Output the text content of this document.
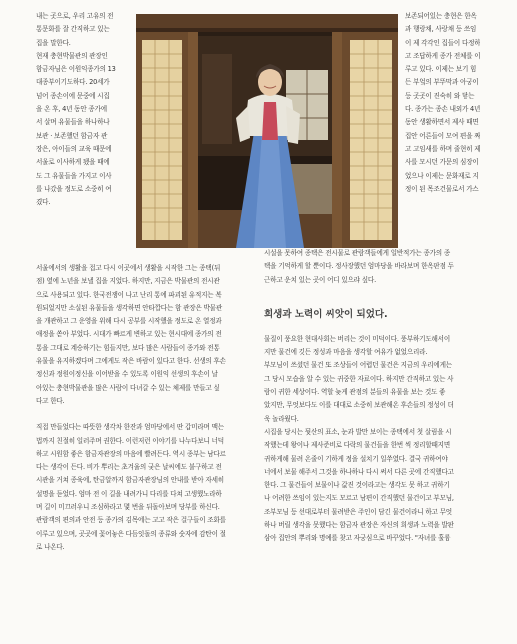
내는 곳으로, 우리 고유의 전
통문화를 잘 간직하고 있는
집을 말한다.
현재 충현박물관의 관장인
함금자님은 이원익종가의 13
대종부이기도하다. 20세가
넘어 종손이에 문중에 시집
을 온 후, 4년 동안 종가에
서 살며 유물들을 하나하나
보관 · 보존했던 함금자 관
장은, 아이들의 교육 때문에
서울로 이사하게 됐을 때에
도 그 유물들을 가지고 이사
를 나갔을 정도로 소중히 여
겼다.
보존되어있는 충현은 한옥
과 행랑채, 사랑채 등 쓰임
이 제 각각인 집들이 다정하
고 조답하게 종가 전체를 이
루고 있다. 이제는 보기 힘
든 부엌의 부뚜막과 아궁이
등 곳곳이 진숙히 와 닿는
다. 종가는 종손 내외가 4년
동안 생활하면서 제사 때면
집안 어른들이 모여 편을 짜
고 고임새를 하며 줄현히 제
사를 모시던 가문의 심장이
었으나 이제는 문화재로 지
정이 된 목조건물로서 가스
서울에서의 생활을 접고 다시 이곳에서 생활을 시작한 그는 종택(뒤
점) 옆에 노년을 보낼 집을 지었다. 하지만, 지금은 박물관의 전시관
으로 사용되고 있다. 한국전쟁이 나고 난리 통에 파괴된 유적지는 복
원되었지만 소실된 유물들을 생각하면 안타깝다는 함 관장은 박물관
을 개관하고 그 운영을 위해 다시 공부를 시작했을 정도로 온 열정과
애정을 쏟아 부었다. 시대가 빠르게 변하고 있는 현시대에 종가의 전
통을 그대로 계승하기는 힘들지만, 보다 많은 사람들이 종가와 전통
유물을 유지하겠다며 그에게도 작은 바람이 있다고 한다. 선생의 후손
정신과 정원이정신을 이어받을 수 있도록 이원익 선생의 후손이 날
아있는 충현박물관을 많은 사람이 다녀갈 수 있는 체제를 만들고 싶
다고 한다.
직접 만들었다는 따뜻한 생각차 한잔과 엄마당에서 딴 갑미라며 맥는
법까지 친절히 일러주며 권한다. 이런저런 이야기를 나누다보니 너덕
하고 시원함 좋은 함금자관장의 마음에 빨려든다. 역시 종부는 남다르
다는 생각이 든다. 비가 뿌리는 초겨울의 궂은 날씨에도 불구하고 전
시관을 거쳐 종육에, 탄금알까지 함금자관장님의 안내를 받아 자세히
설명을 듣었다. 엄마 전 이 길을 내려가니 다리를 다쳐 고생했노라하
며 길이 미끄러우니 조심하라고 몇 번을 뒤돌아보며 당부를 하신다.
관람객의 편의과 안전 등 종가의 김목에는 고고 작은 걸구들이 조화를
이루고 있으며, 곳곳에 꽃어놓은 다듬잇돌의 종류와 숫자에 감탄이 절
로 나온다.
시설을 못하여 종택은 전시물로 관람객들에게 일반적가는 종가의 종
택을 기억하게 할 뿐이다. 정사장했던 엄마당을 바라보며 한옥판점 두
근하고 운치 있는 곳이 어디 있으랴 싶다.
희생과 노력이 씨앗이 되었다.
물질이 풍요한 현대사회는 버리는 것이 미덕이다. 풍부하기도해서이
지만 물건에 깃든 정성과 마음을 생각할 여유가 없었으리라.
부모님이 쓰셨던 물건 또 조상들이 어렵던 물건은 지금의 우리에게는
그 당시 모습을 알 수 있는 귀중한 자료이다. 하지만 간직하고 있는 사
람이 귀한 세상이다. 역할 늦게 관점의 분들의 유물을 보는 것도 좋
았지만, 무엇보다도 이를 대대로 소중히 보관해온 후손들의 정성이 더
욱 놀라웠다.
시집을 당시는 뒷산의 표소, 눈과 발만 보이는 종택에서 첫 살림을 시
작했는데 왕이나 제사준비로 다락의 물건들을 한번 씩 정리할때지면
귀하게해 물려 온줄이 기하게 정을 설치기 일쑤였다. 결국 귀하여야
너에서 보물 해주서 그것을 하나하나 다시 써서 다른 곳에 간직했다고
한다. 그 물건들이 보물이나 값진 것이라고는 생각도 못 하고 귀하기
나 어려한 쓰임이 있는지도 모르고 남편이 간직했던 물건이고 부모님,
조부모님 등 선대로부터 물려받은 주인이 담긴 물건이라니 하고 무엇
하나 버릴 생각을 못했다는 함금자 관장은 자신의 희생과 노력을 발판
삼아 집안의 뿌리와 명예를 찾고 자궁심으로 바꾸었다. "자녀를 훌륭
